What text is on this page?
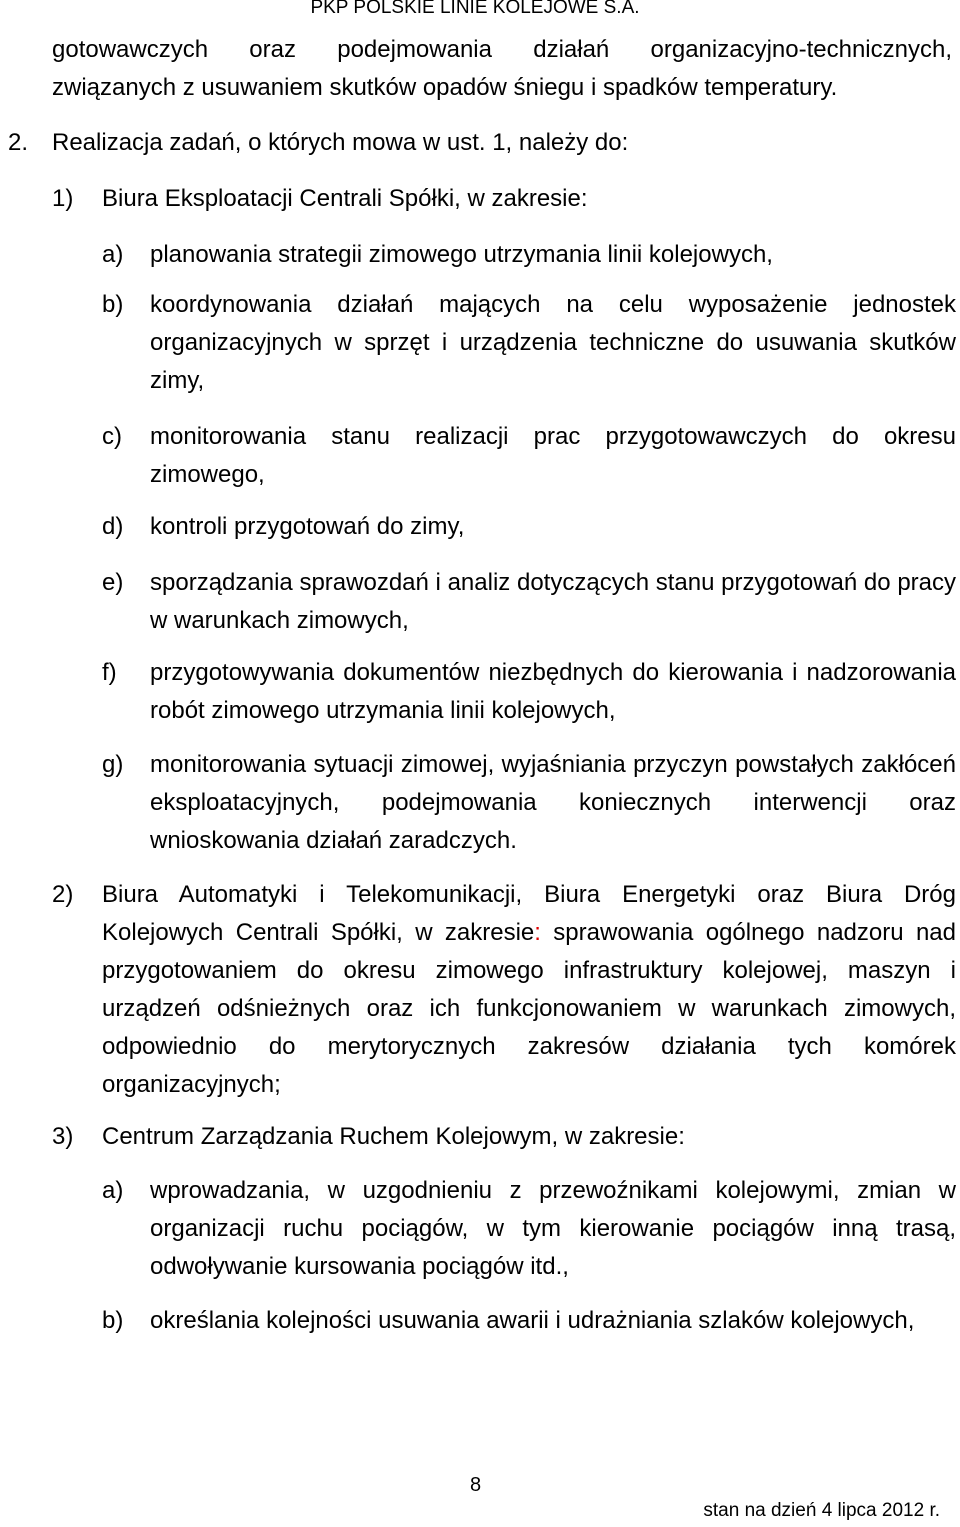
PKP POLSKIE LINIE KOLEJOWE S.A.
gotowawczych oraz podejmowania działań organizacyjno-technicznych,
związanych z usuwaniem skutków opadów śniegu i spadków temperatury.
2. Realizacja zadań, o których mowa w ust. 1, należy do:
1) Biura Eksploatacji Centrali Spółki, w zakresie:
a) planowania strategii zimowego utrzymania linii kolejowych,
b) koordynowania działań mających na celu wyposażenie jednostek organizacyjnych w sprzęt i urządzenia techniczne do usuwania skutków zimy,
c) monitorowania stanu realizacji prac przygotowawczych do okresu zimowego,
d) kontroli przygotowań do zimy,
e) sporządzania sprawozdań i analiz dotyczących stanu przygotowań do pracy w warunkach zimowych,
f) przygotowywania dokumentów niezbędnych do kierowania i nadzorowania robót zimowego utrzymania linii kolejowych,
g) monitorowania sytuacji zimowej, wyjaśniania przyczyn powstałych zakłóceń eksploatacyjnych, podejmowania koniecznych interwencji oraz wnioskowania działań zaradczych.
2) Biura Automatyki i Telekomunikacji, Biura Energetyki oraz Biura Dróg Kolejowych Centrali Spółki, w zakresie: sprawowania ogólnego nadzoru nad przygotowaniem do okresu zimowego infrastruktury kolejowej, maszyn i urządzeń odśnieżnych oraz ich funkcjonowaniem w warunkach zimowych, odpowiednio do merytorycznych zakresów działania tych komórek organizacyjnych;
3) Centrum Zarządzania Ruchem Kolejowym, w zakresie:
a) wprowadzania, w uzgodnieniu z przewoźnikami kolejowymi, zmian w organizacji ruchu pociągów, w tym kierowanie pociągów inną trasą, odwoływanie kursowania pociągów itd.,
b) określania kolejności usuwania awarii i udrażniania szlaków kolejowych,
8
stan na dzień 4 lipca 2012 r.
